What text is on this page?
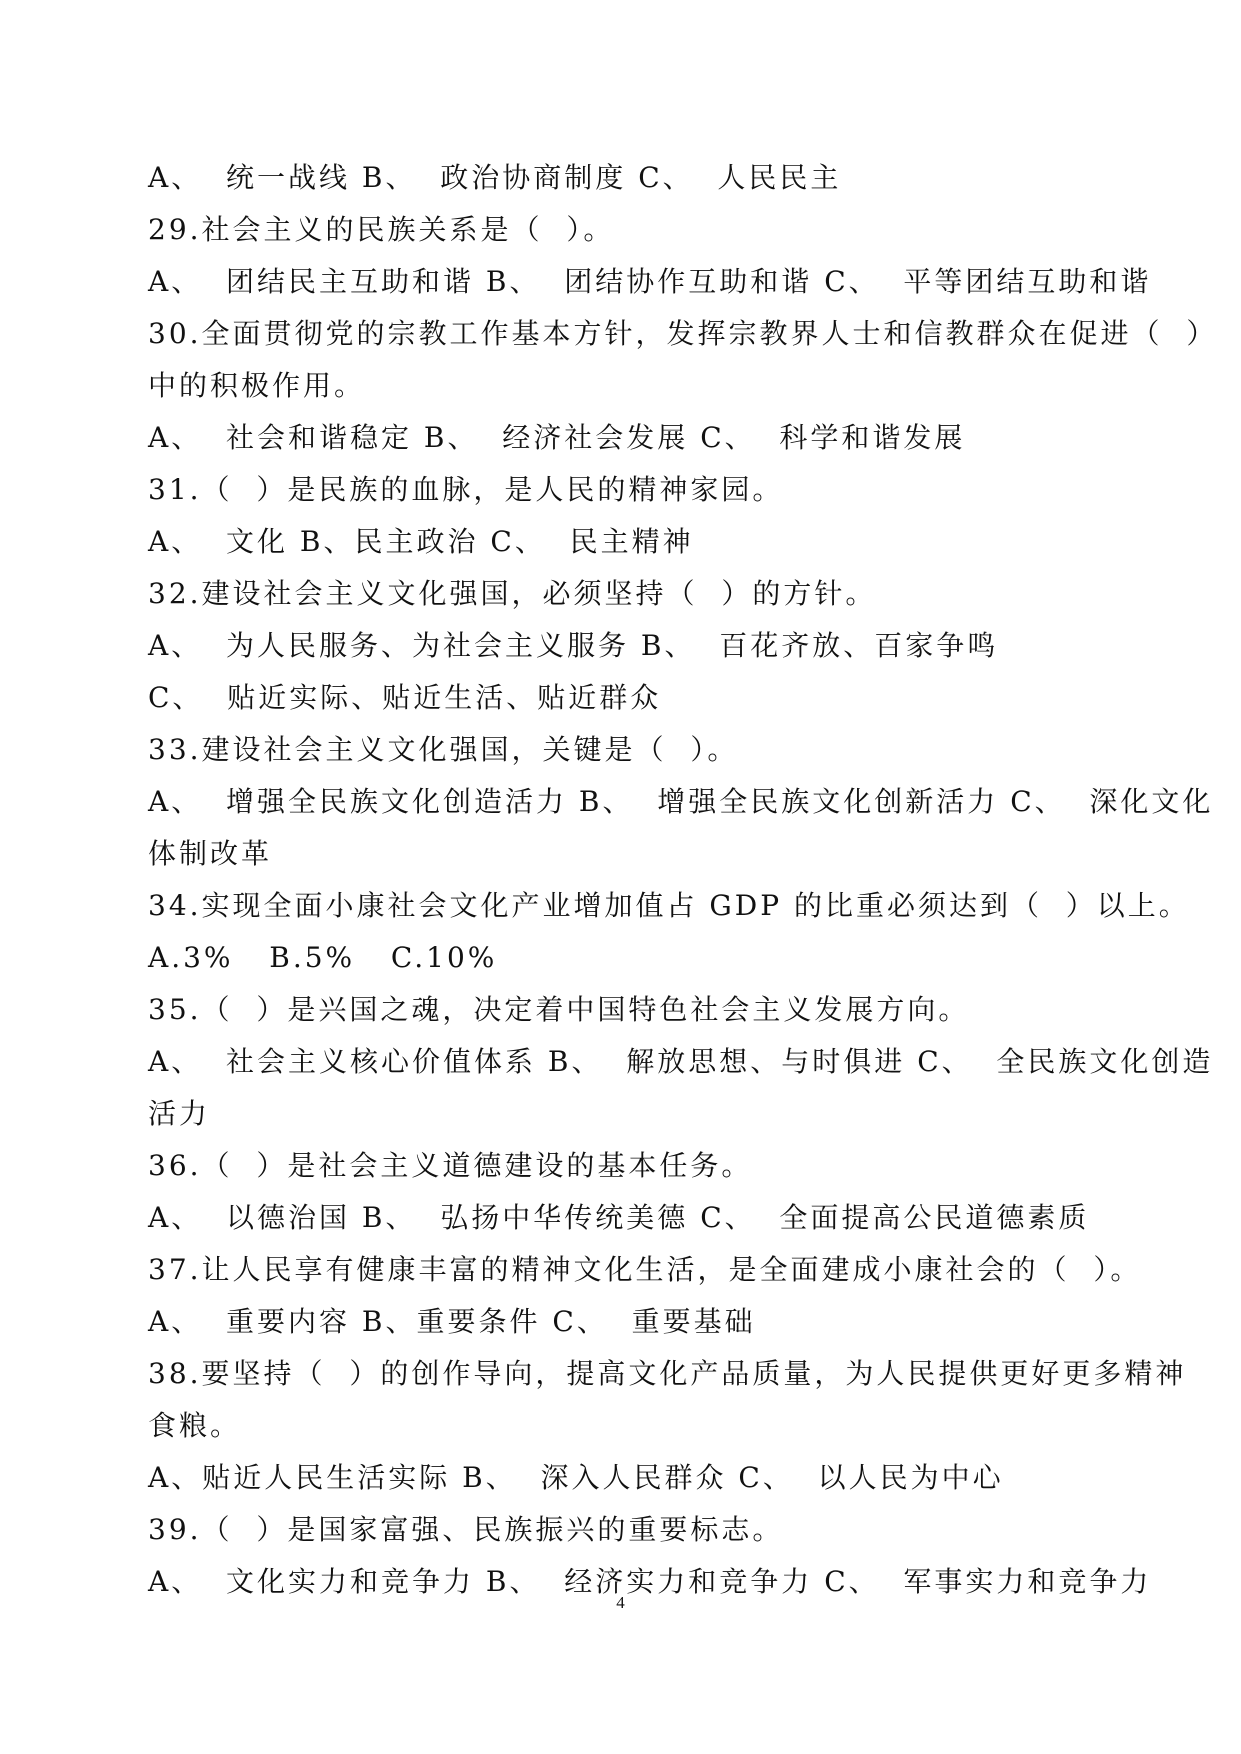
A、  统一战线 B、  政治协商制度 C、  人民民主
29.社会主义的民族关系是（  ）。
A、  团结民主互助和谐 B、  团结协作互助和谐 C、  平等团结互助和谐
30.全面贯彻党的宗教工作基本方针，发挥宗教界人士和信教群众在促进（  ）
中的积极作用。
A、  社会和谐稳定 B、  经济社会发展 C、  科学和谐发展
31.（  ）是民族的血脉，是人民的精神家园。
A、  文化 B、民主政治 C、  民主精神
32.建设社会主义文化强国，必须坚持（  ）的方针。
A、  为人民服务、为社会主义服务 B、  百花齐放、百家争鸣
C、  贴近实际、贴近生活、贴近群众
33.建设社会主义文化强国，关键是（  ）。
A、  增强全民族文化创造活力 B、  增强全民族文化创新活力 C、  深化文化
体制改革
34.实现全面小康社会文化产业增加值占 GDP 的比重必须达到（  ）以上。
A.3%   B.5%   C.10%
35.（  ）是兴国之魂，决定着中国特色社会主义发展方向。
A、  社会主义核心价值体系 B、  解放思想、与时俱进 C、  全民族文化创造
活力
36.（  ）是社会主义道德建设的基本任务。
A、  以德治国 B、  弘扬中华传统美德 C、  全面提高公民道德素质
37.让人民享有健康丰富的精神文化生活，是全面建成小康社会的（  ）。
A、  重要内容 B、重要条件 C、  重要基础
38.要坚持（  ）的创作导向，提高文化产品质量，为人民提供更好更多精神
食粮。
A、贴近人民生活实际 B、  深入人民群众 C、  以人民为中心
39.（  ）是国家富强、民族振兴的重要标志。
A、  文化实力和竞争力 B、  经济实力和竞争力 C、  军事实力和竞争力
4
